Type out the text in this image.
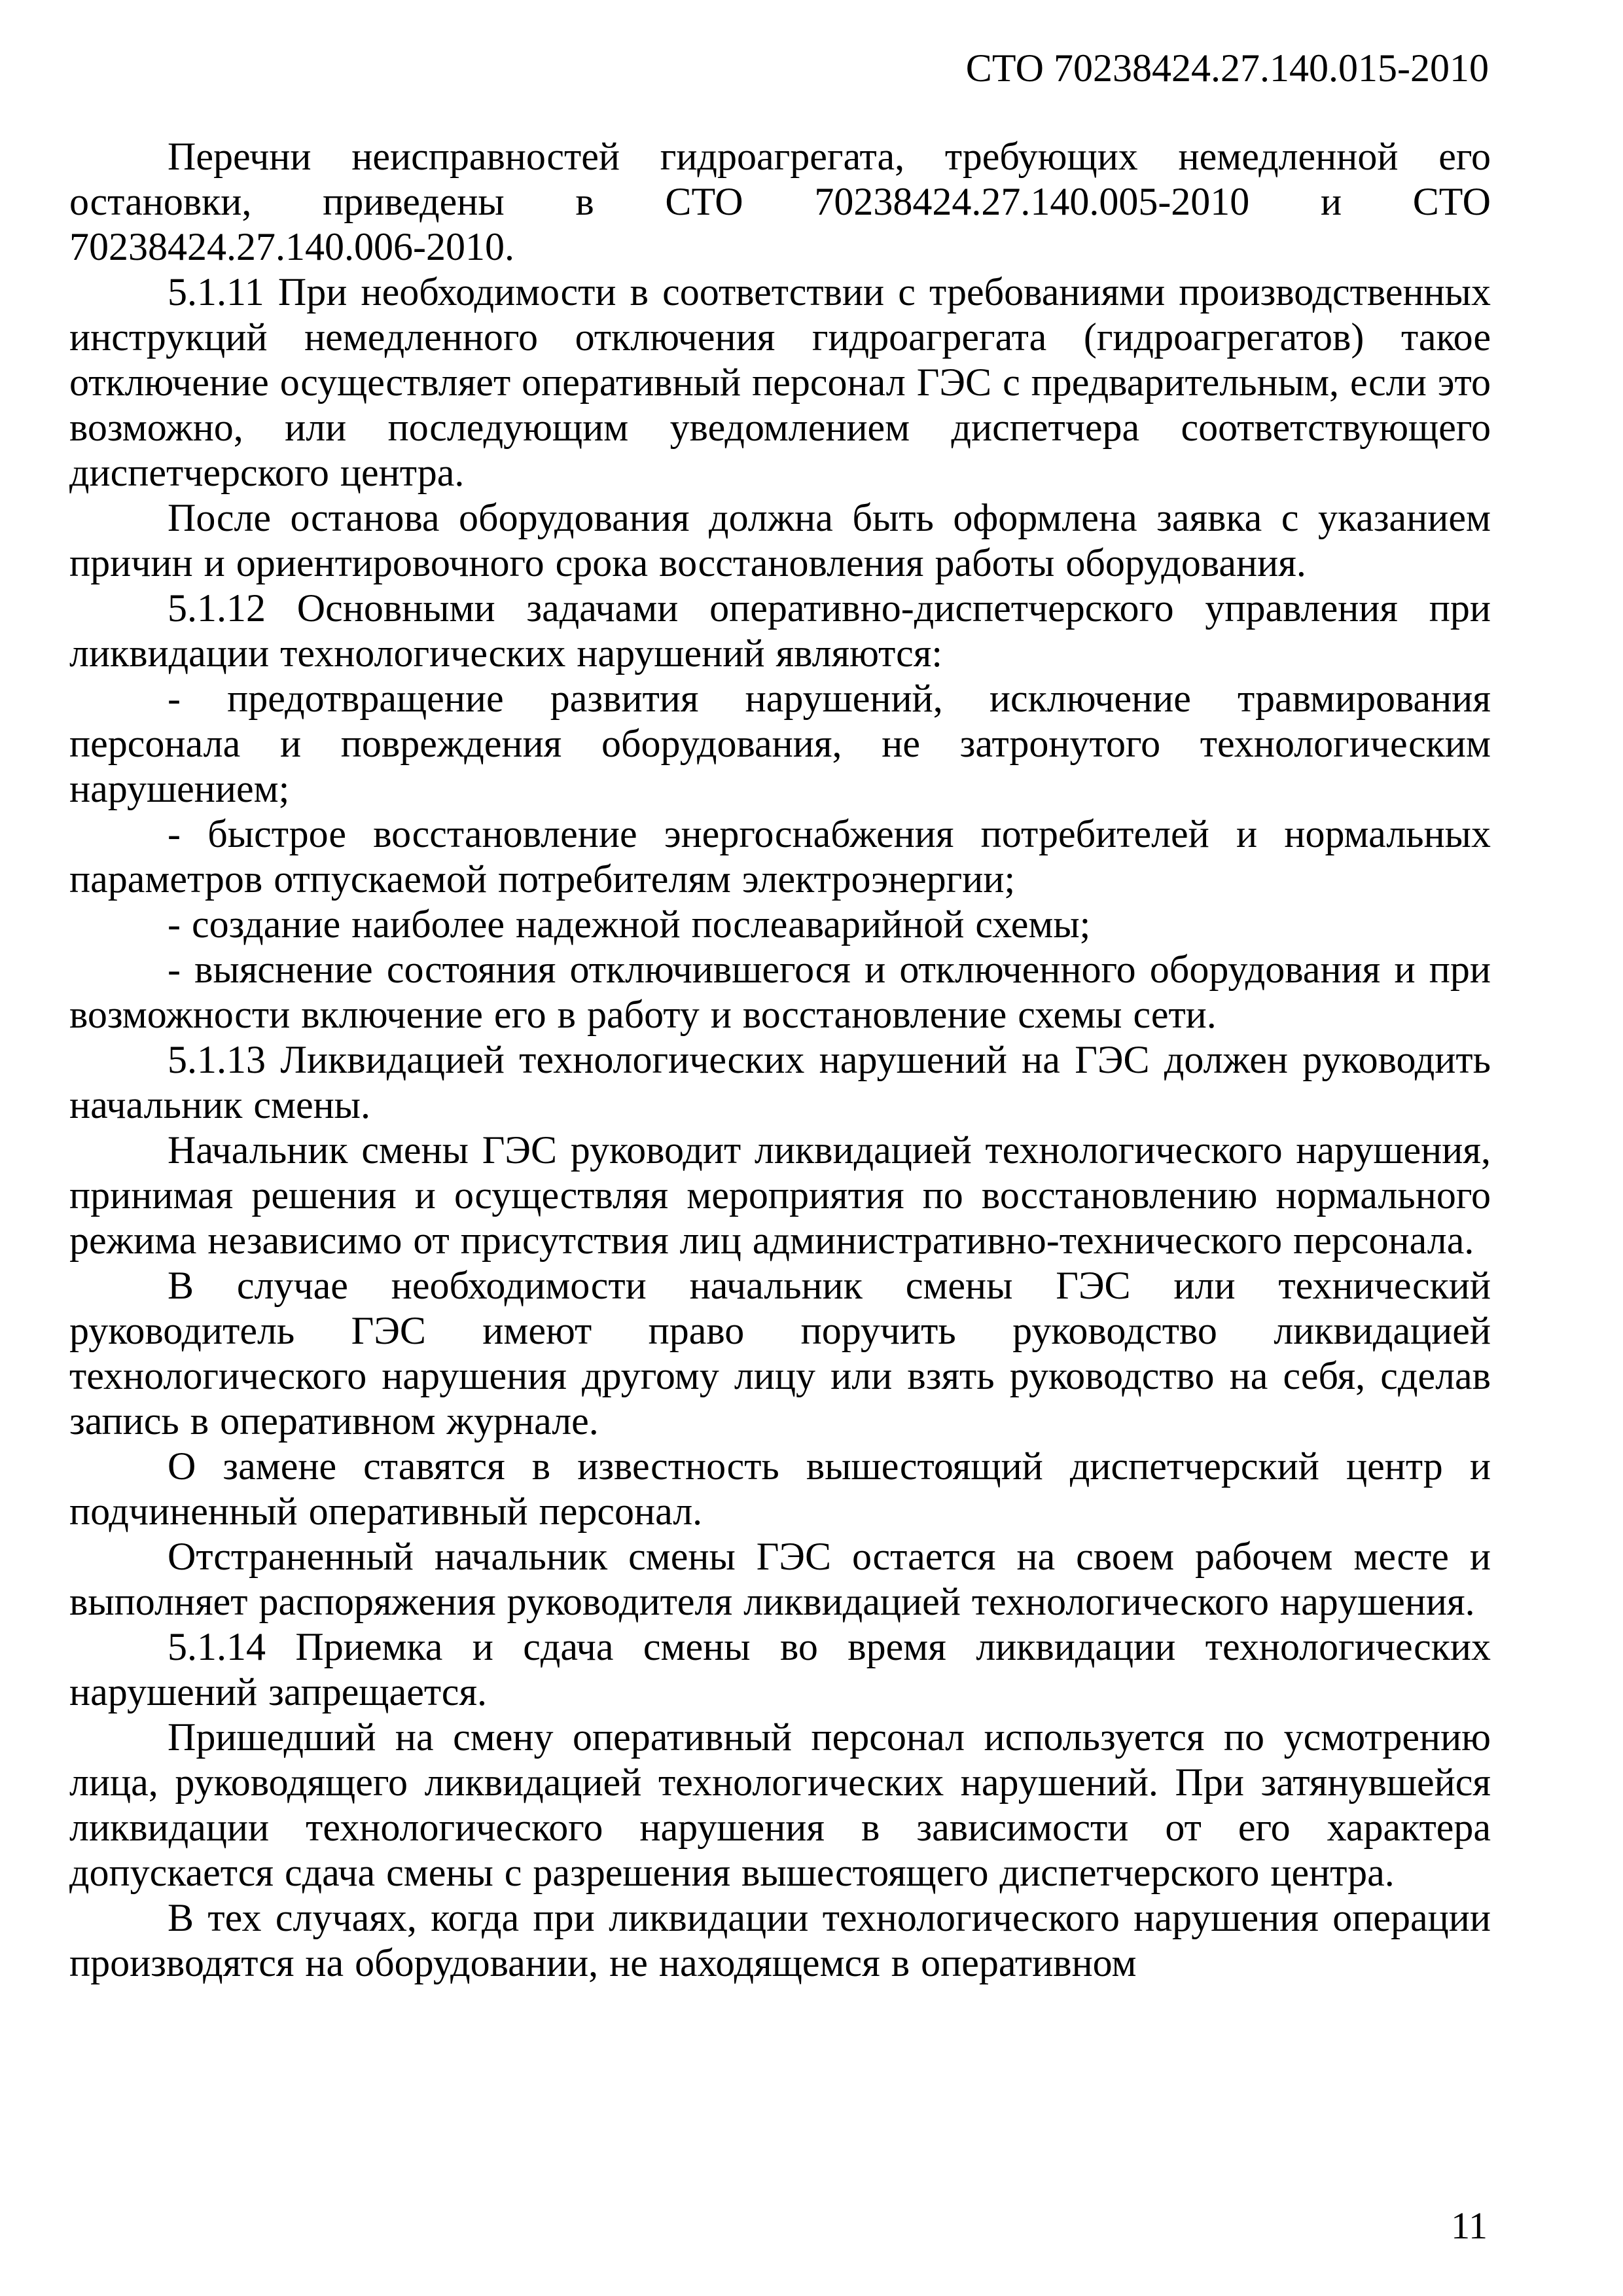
СТО 70238424.27.140.015-2010

Перечни неисправностей гидроагрегата, требующих немедленной его остановки, приведены в СТО 70238424.27.140.005-2010 и СТО 70238424.27.140.006-2010.

5.1.11 При необходимости в соответствии с требованиями производственных инструкций немедленного отключения гидроагрегата (гидроагрегатов) такое отключение осуществляет оперативный персонал ГЭС с предварительным, если это возможно, или последующим уведомлением диспетчера соответствующего диспетчерского центра.

После останова оборудования должна быть оформлена заявка с указанием причин и ориентировочного срока восстановления работы оборудования.

5.1.12 Основными задачами оперативно-диспетчерского управления при ликвидации технологических нарушений являются:

- предотвращение развития нарушений, исключение травмирования персонала и повреждения оборудования, не затронутого технологическим нарушением;

- быстрое восстановление энергоснабжения потребителей и нормальных параметров отпускаемой потребителям электроэнергии;

- создание наиболее надежной послеаварийной схемы;

- выяснение состояния отключившегося и отключенного оборудования и при возможности включение его в работу и восстановление схемы сети.

5.1.13 Ликвидацией технологических нарушений на ГЭС должен руководить начальник смены.

Начальник смены ГЭС руководит ликвидацией технологического нарушения, принимая решения и осуществляя мероприятия по восстановлению нормального режима независимо от присутствия лиц административно-технического персонала.

В случае необходимости начальник смены ГЭС или технический руководитель ГЭС имеют право поручить руководство ликвидацией технологического нарушения другому лицу или взять руководство на себя, сделав запись в оперативном журнале.

О замене ставятся в известность вышестоящий диспетчерский центр и подчиненный оперативный персонал.

Отстраненный начальник смены ГЭС остается на своем рабочем месте и выполняет распоряжения руководителя ликвидацией технологического нарушения.

5.1.14 Приемка и сдача смены во время ликвидации технологических нарушений запрещается.

Пришедший на смену оперативный персонал используется по усмотрению лица, руководящего ликвидацией технологических нарушений. При затянувшейся ликвидации технологического нарушения в зависимости от его характера допускается сдача смены с разрешения вышестоящего диспетчерского центра.

В тех случаях, когда при ликвидации технологического нарушения операции производятся на оборудовании, не находящемся в оперативном

11
